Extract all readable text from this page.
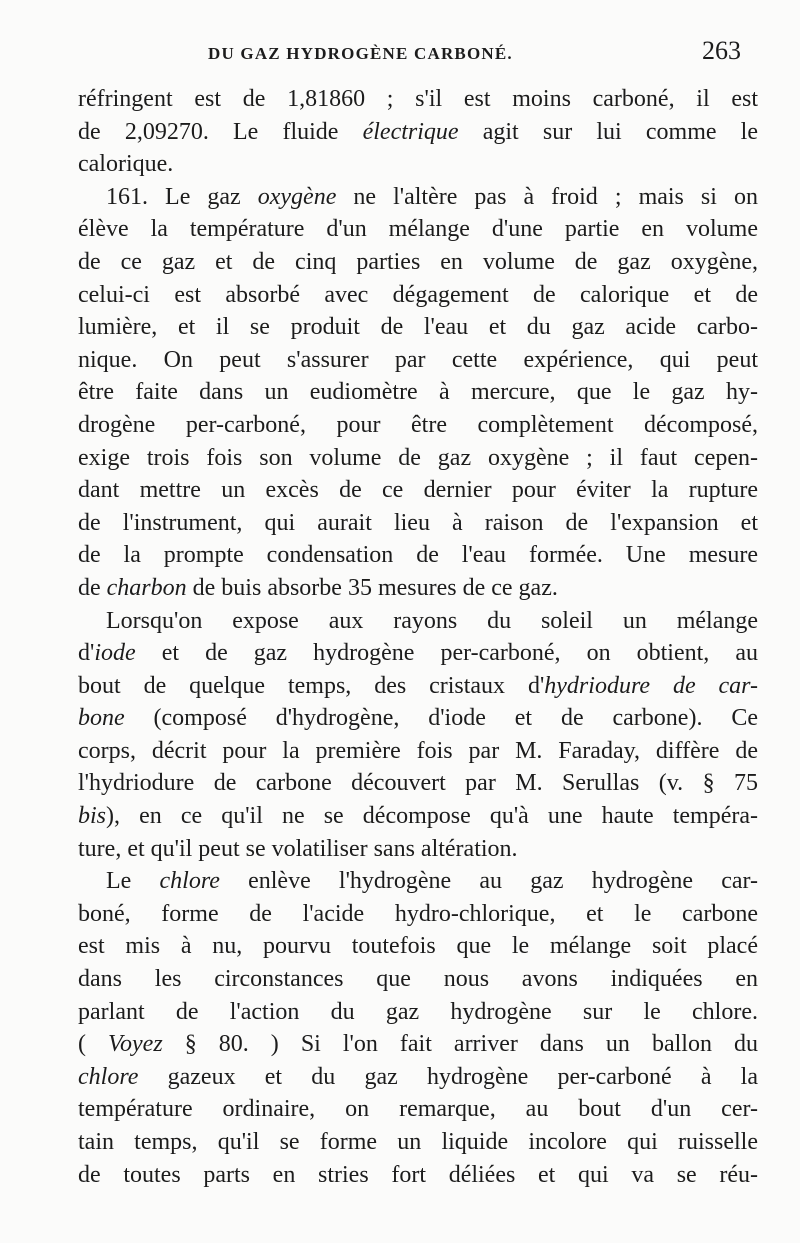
DU GAZ HYDROGÈNE CARBONÉ.	263
réfringent est de 1,81860 ; s'il est moins carboné, il est
de 2,09270. Le fluide électrique agit sur lui comme le
calorique.
161. Le gaz oxygène ne l'altère pas à froid ; mais si on
élève la température d'un mélange d'une partie en volume
de ce gaz et de cinq parties en volume de gaz oxygène,
celui-ci est absorbé avec dégagement de calorique et de
lumière, et il se produit de l'eau et du gaz acide carbo-
nique. On peut s'assurer par cette expérience, qui peut
être faite dans un eudiomètre à mercure, que le gaz hy-
drogène per-carboné, pour être complètement décomposé,
exige trois fois son volume de gaz oxygène ; il faut cepen-
dant mettre un excès de ce dernier pour éviter la rupture
de l'instrument, qui aurait lieu à raison de l'expansion et
de la prompte condensation de l'eau formée. Une mesure
de charbon de buis absorbe 35 mesures de ce gaz.
Lorsqu'on expose aux rayons du soleil un mélange
d'iode et de gaz hydrogène per-carboné, on obtient, au
bout de quelque temps, des cristaux d'hydriodure de car-
bone (composé d'hydrogène, d'iode et de carbone). Ce
corps, décrit pour la première fois par M. Faraday, diffère de
l'hydriodure de carbone découvert par M. Serullas (v. § 75
bis), en ce qu'il ne se décompose qu'à une haute tempéra-
ture, et qu'il peut se volatiliser sans altération.
Le chlore enlève l'hydrogène au gaz hydrogène car-
boné, forme de l'acide hydro-chlorique, et le carbone
est mis à nu, pourvu toutefois que le mélange soit placé
dans les circonstances que nous avons indiquées en
parlant de l'action du gaz hydrogène sur le chlore.
( Voyez § 80. ) Si l'on fait arriver dans un ballon du
chlore gazeux et du gaz hydrogène per-carboné à la
température ordinaire, on remarque, au bout d'un cer-
tain temps, qu'il se forme un liquide incolore qui ruisselle
de toutes parts en stries fort déliées et qui va se réu-
